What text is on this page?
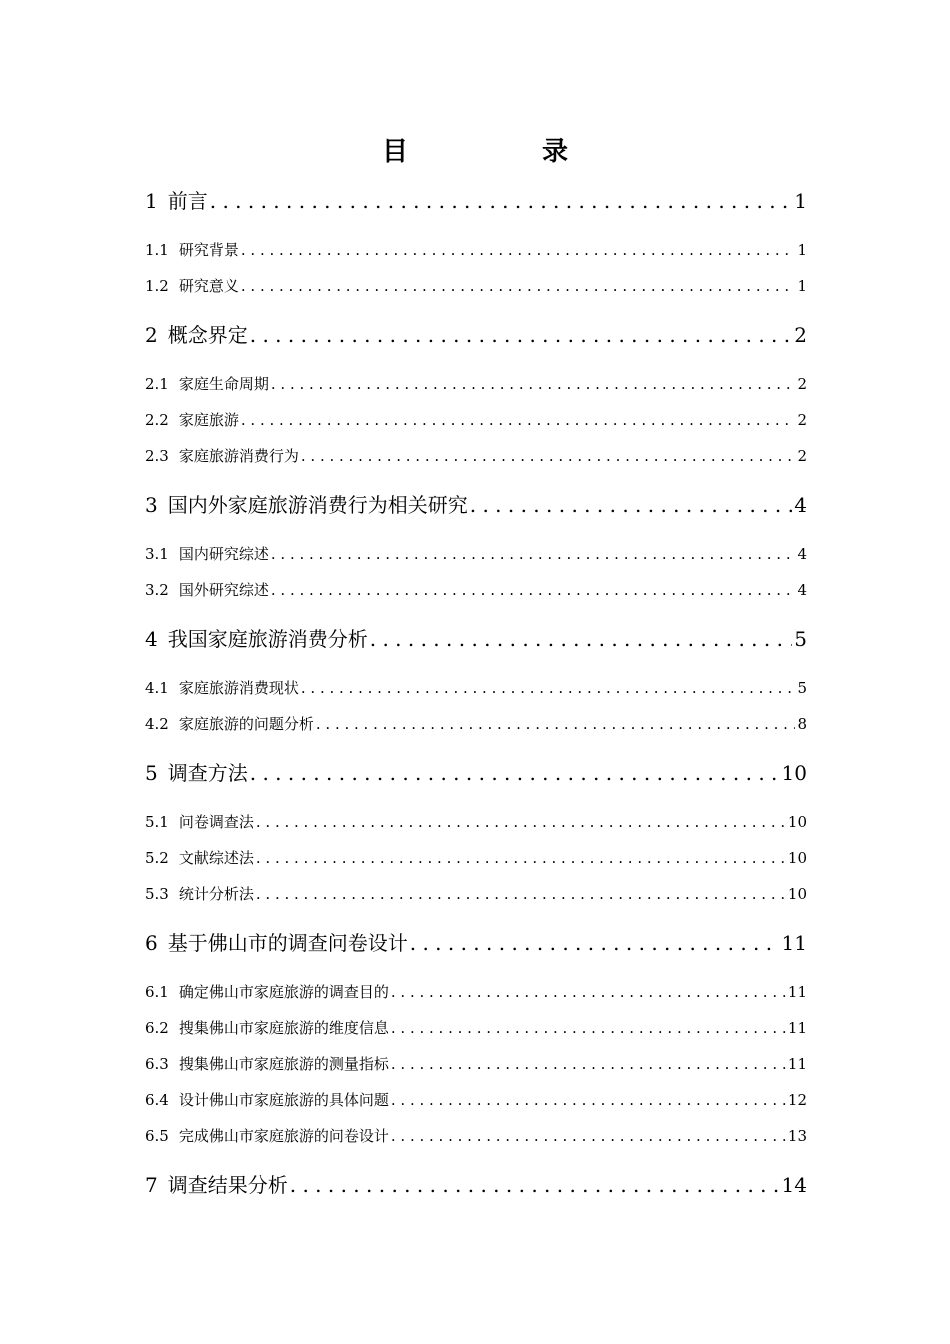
目　录
1 前言 . . .	1
1.1 研究背景 . . .	1
1.2 研究意义 . . .	1
2 概念界定 . . .	2
2.1 家庭生命周期 . . .	2
2.2 家庭旅游 . . .	2
2.3 家庭旅游消费行为 . . .	2
3 国内外家庭旅游消费行为相关研究 . . .	4
3.1 国内研究综述 . . .	4
3.2 国外研究综述 . . .	4
4 我国家庭旅游消费分析 . . .	5
4.1 家庭旅游消费现状 . . .	5
4.2 家庭旅游的问题分析 . . .	8
5 调查方法 . . .	10
5.1 问卷调查法 . . .	10
5.2 文献综述法 . . .	10
5.3 统计分析法 . . .	10
6 基于佛山市的调查问卷设计 . . .	11
6.1 确定佛山市家庭旅游的调查目的 . . .	11
6.2 搜集佛山市家庭旅游的维度信息 . . .	11
6.3 搜集佛山市家庭旅游的测量指标 . . .	11
6.4 设计佛山市家庭旅游的具体问题 . . .	12
6.5 完成佛山市家庭旅游的问卷设计 . . .	13
7 调查结果分析 . . .	14
